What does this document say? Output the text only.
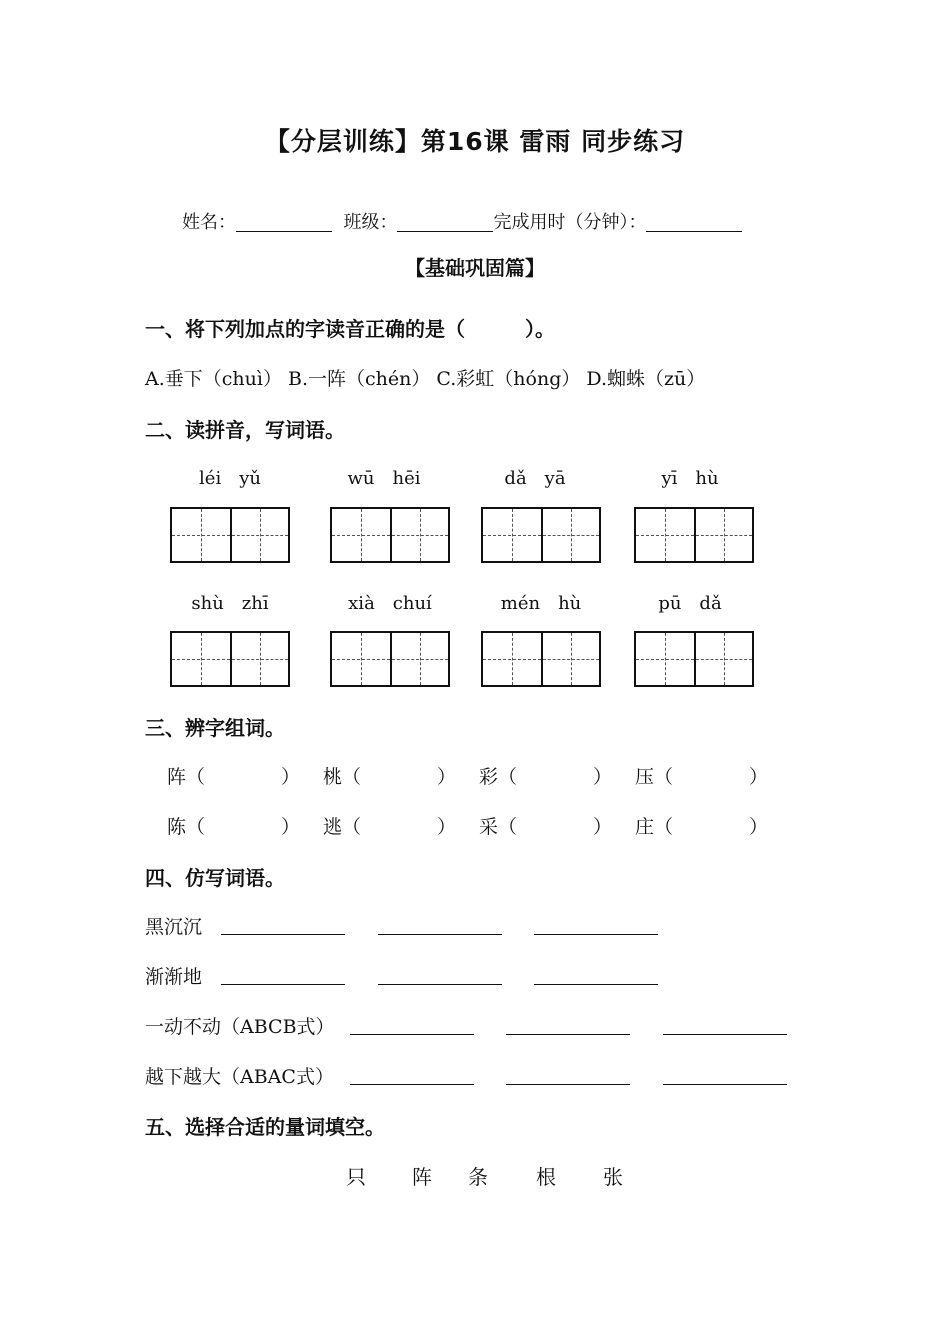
【分层训练】第16课 雷雨 同步练习
姓名：	班级：	完成用时（分钟）：
【基础巩固篇】
一、将下列加点的字读音正确的是（　　　）。
A.垂下（chuì） B.一阵（chén） C.彩虹（hóng） D.蜘蛛（zū）
二、读拼音，写词语。
léi　yǔ	wū　hēi	dǎ　yā	yī　hù
shù　zhī	xià　chuí	mén　hù	pū　dǎ
三、辨字组词。
阵（　　　　） 桃（　　　　） 彩（　　　　） 压（　　　　）
陈（　　　　） 逃（　　　　） 采（　　　　） 庄（　　　　）
四、仿写词语。
黑沉沉
渐渐地
一动不动（ABCB式）
越下越大（ABAC式）
五、选择合适的量词填空。
只 阵 条 根 张
